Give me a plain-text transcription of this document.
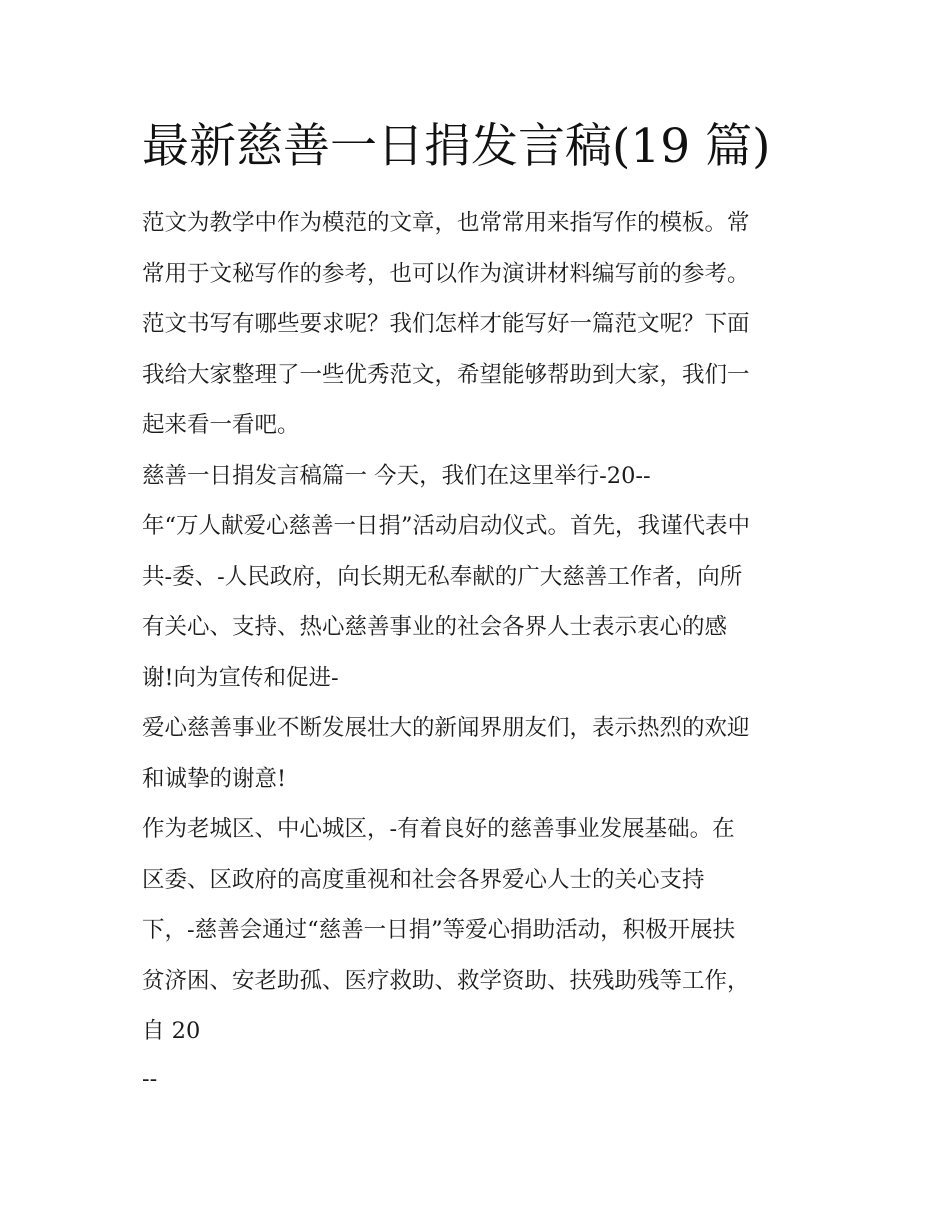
最新慈善一日捐发言稿(19 篇)

范文为教学中作为模范的文章，也常常用来指写作的模板。常

常用于文秘写作的参考，也可以作为演讲材料编写前的参考。

范文书写有哪些要求呢？我们怎样才能写好一篇范文呢？下面

我给大家整理了一些优秀范文，希望能够帮助到大家，我们一

起来看一看吧。

慈善一日捐发言稿篇一 今天，我们在这里举行-20--

年“万人献爱心慈善一日捐”活动启动仪式。首先，我谨代表中

共-委、-人民政府，向长期无私奉献的广大慈善工作者，向所

有关心、支持、热心慈善事业的社会各界人士表示衷心的感

谢!向为宣传和促进-

爱心慈善事业不断发展壮大的新闻界朋友们，表示热烈的欢迎

和诚挚的谢意!

作为老城区、中心城区，-有着良好的慈善事业发展基础。在

区委、区政府的高度重视和社会各界爱心人士的关心支持

下，-慈善会通过“慈善一日捐”等爱心捐助活动，积极开展扶

贫济困、安老助孤、医疗救助、救学资助、扶残助残等工作，

自 20

--
